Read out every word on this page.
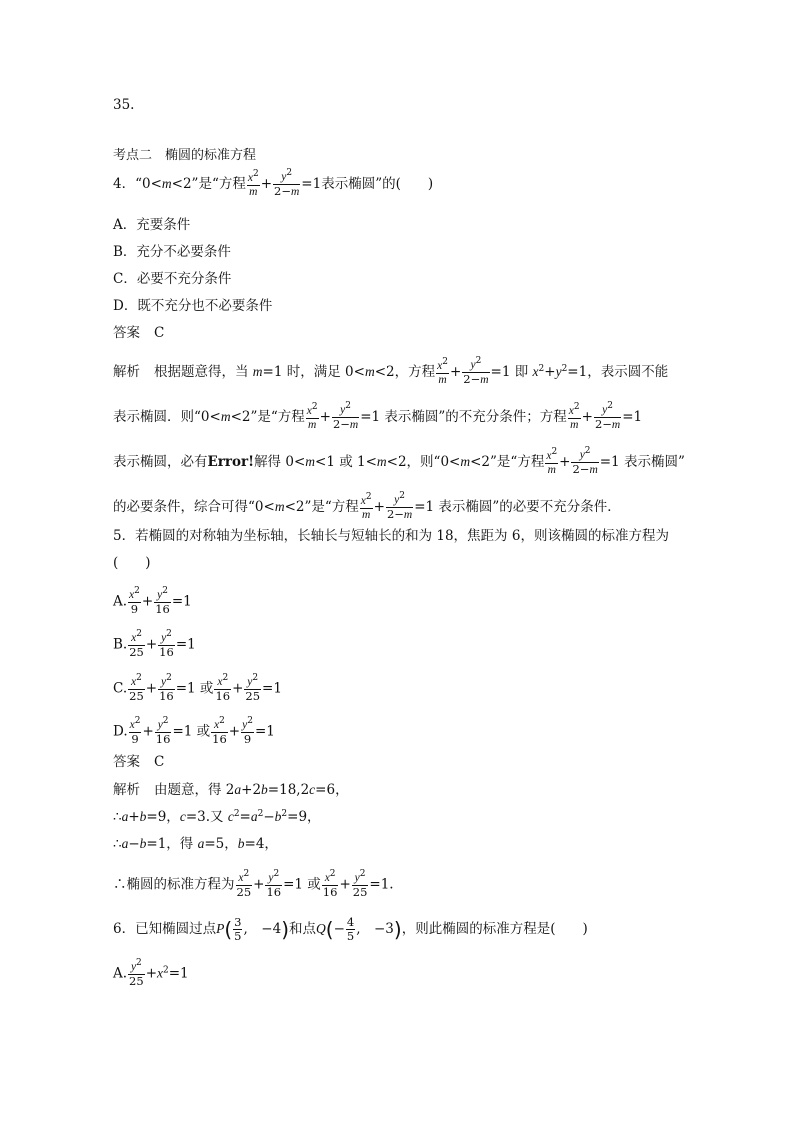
35.
考点二　椭圆的标准方程
4．“0<m<2”是“方程 $\frac{x^2}{m} + \frac{y^2}{2-m} =1$表示椭圆”的(　　)
A．充要条件
B．充分不必要条件
C．必要不充分条件
D．既不充分也不必要条件
答案 C
解析 根据题意得，当 m=1 时，满足 0<m<2，方程 $\frac{x^2}{m} + \frac{y^2}{2-m} =1$ 即 $x^2+y^2=1$，表示圆不能
表示椭圆．则“0<m<2”是“方程 $\frac{x^2}{m} + \frac{y^2}{2-m} =1$ 表示椭圆”的不充分条件；方程 $\frac{x^2}{m} + \frac{y^2}{2-m} =1$
表示椭圆，必有Error!解得 0<m<1 或 1<m<2，则“0<m<2”是“方程 $\frac{x^2}{m} + \frac{y^2}{2-m} =1$ 表示椭圆”
的必要条件，综合可得“0<m<2”是“方程 $\frac{x^2}{m} + \frac{y^2}{2-m} =1$ 表示椭圆”的必要不充分条件．
5．若椭圆的对称轴为坐标轴，长轴长与短轴长的和为 18，焦距为 6，则该椭圆的标准方程为
(　　)
A. $\frac{x^2}{9} + \frac{y^2}{16} =1$
B. $\frac{x^2}{25} + \frac{y^2}{16} =1$
C. $\frac{x^2}{25} + \frac{y^2}{16} =1$ 或 $\frac{x^2}{16} + \frac{y^2}{25} =1$
D. $\frac{x^2}{9} + \frac{y^2}{16} =1$ 或 $\frac{x^2}{16} + \frac{y^2}{9} =1$
答案 C
解析 由题意，得 2a+2b=18,2c=6，
∴a+b=9，c=3.又 $c^2=a^2-b^2=9$，
∴a−b=1，得 a=5，b=4，
∴椭圆的标准方程为 $\frac{x^2}{25} + \frac{y^2}{16} =1$ 或 $\frac{x^2}{16} + \frac{y^2}{25} =1$.
6．已知椭圆过点$P( \frac{3}{5}$ ,　−4)和点$Q(- \frac{4}{5}$ ,　−3)，则此椭圆的标准方程是(　　)
A. $\frac{y^2}{25} +x^2=1$
